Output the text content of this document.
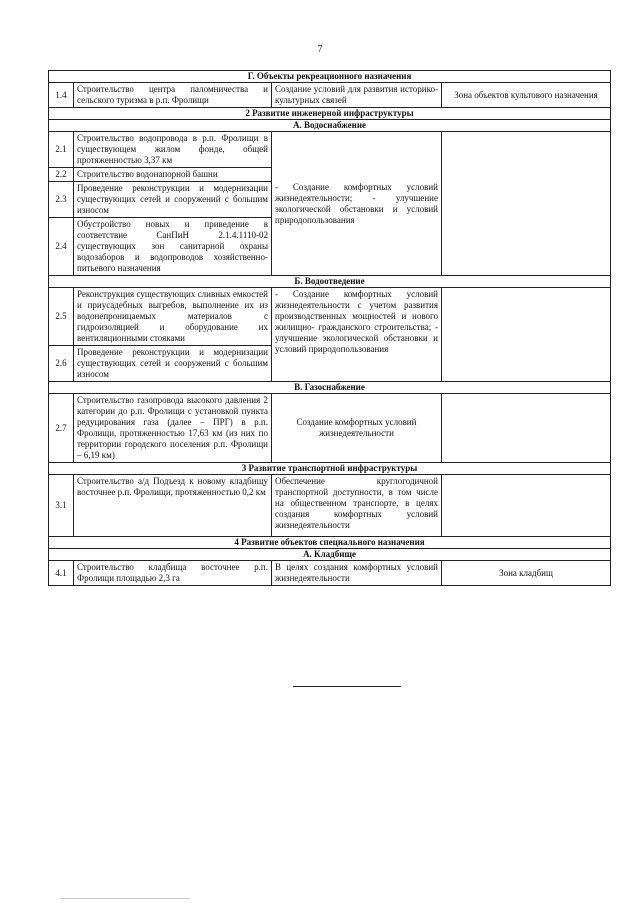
7
Г. Объекты рекреационного назначения			
1.4	Строительство центра паломничества и сельского туризма в р.п. Фролищи	Создание условий для развития историко-культурных связей	Зона объектов культового назначения
2 Развитие инженерной инфраструктуры			
А. Водоснабжение			
2.1	Строительство водопровода в р.п. Фролищи в существующем жилом фонде, общей протяженностью 3,37 км	- Создание комфортных условий жизнедеятельности; - улучшение экологической обстановки и условий природопользования	
2.2	Строительство водонапорной башни		
2.3	Проведение реконструкции и модернизации существующих сетей и сооружений с большим износом		
2.4	Обустройство новых и приведение в соответствие СанПиН 2.1.4.1110-02 существующих зон санитарной охраны водозаборов и водопроводов хозяйственно-питьевого назначения		
Б. Водоотведение			
2.5	Реконструкция существующих сливных емкостей и приусадебных выгребов, выполнение их из водонепроницаемых материалов с гидроизоляцией и оборудование их вентиляционными стояками	- Создание комфортных условий жизнедеятельности с учетом развития производственных мощностей и нового жилищно- гражданского строительства; - улучшение экологической обстановки и условий природопользования	
2.6	Проведение реконструкции и модернизации существующих сетей и сооружений с большим износом		
В. Газоснабжение			
2.7	Строительство газопровода высокого давления 2 категории до р.п. Фролищи с установкой пункта редуцирования газа (далее – ПРГ) в р.п. Фролищи, протяженностью 17,63 км (из них по территории городского поселения р.п. Фролищи – 6,19 км)	Создание комфортных условий жизнедеятельности	
3 Развитие транспортной инфраструктуры			
3.1	Строительство а/д Подъезд к новому кладбищу восточнее р.п. Фролищи, протяженностью 0,2 км	Обеспечение круглогодичной транспортной доступности, в том числе на общественном транспорте, в целях создания комфортных условий жизнедеятельности	
4 Развитие объектов специального назначения			
А. Кладбище			
4.1	Строительство кладбища восточнее р.п. Фролищи площадью 2,3 га	В целях создания комфортных условий жизнедеятельности	Зона кладбищ
